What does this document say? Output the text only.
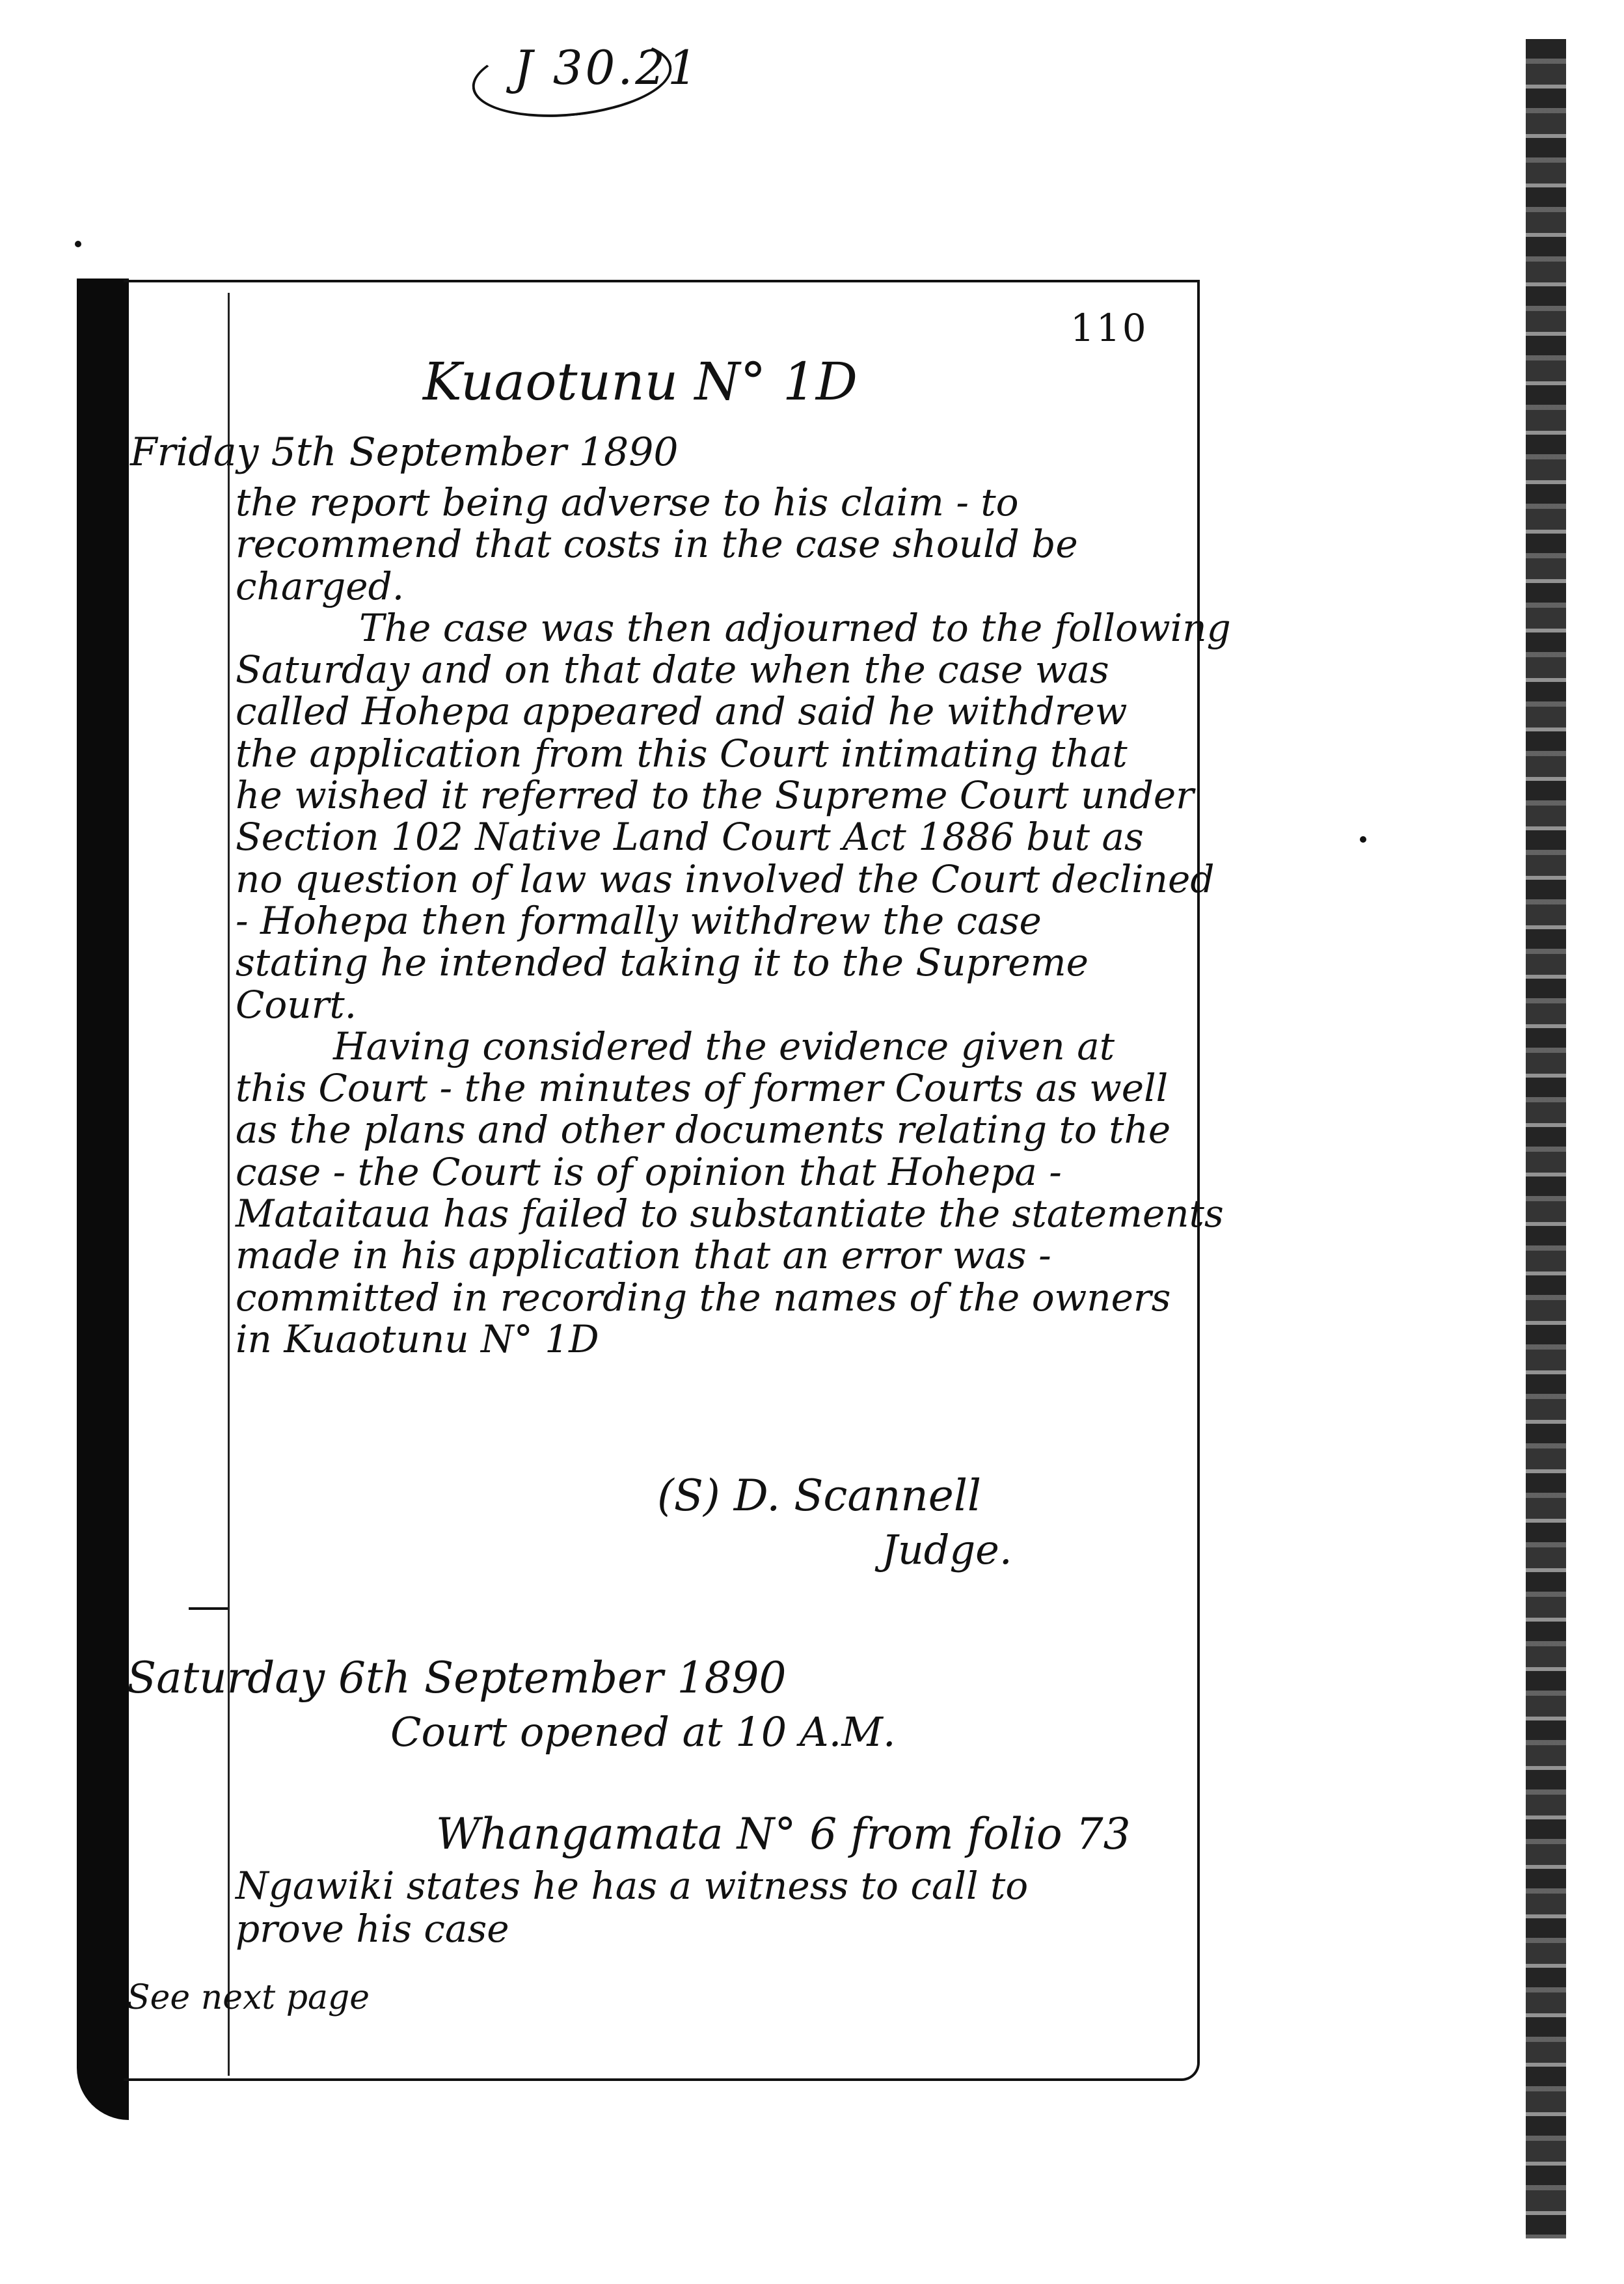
J 30.21
110
Kuaotunu N° 1D
Friday 5th September 1890
the report being adverse to his claim - to
recommend that costs in the case should be
charged.
The case was then adjourned to the following
Saturday and on that date when the case was
called Hohepa appeared and said he withdrew
the application from this Court intimating that
he wished it referred to the Supreme Court under
Section 102 Native Land Court Act 1886 but as
no question of law was involved the Court declined
- Hohepa then formally withdrew the case
stating he intended taking it to the Supreme
Court.
Having considered the evidence given at
this Court - the minutes of former Courts as well
as the plans and other documents relating to the
case - the Court is of opinion that Hohepa -
Mataitaua has failed to substantiate the statements
made in his application that an error was -
committed in recording the names of the owners
in Kuaotunu N° 1D
(S) D. Scannell
Judge.
Saturday 6th September 1890
Court opened at 10 A.M.
Whangamata N° 6 from folio 73
Ngawiki states he has a witness to call to
prove his case
See next page
